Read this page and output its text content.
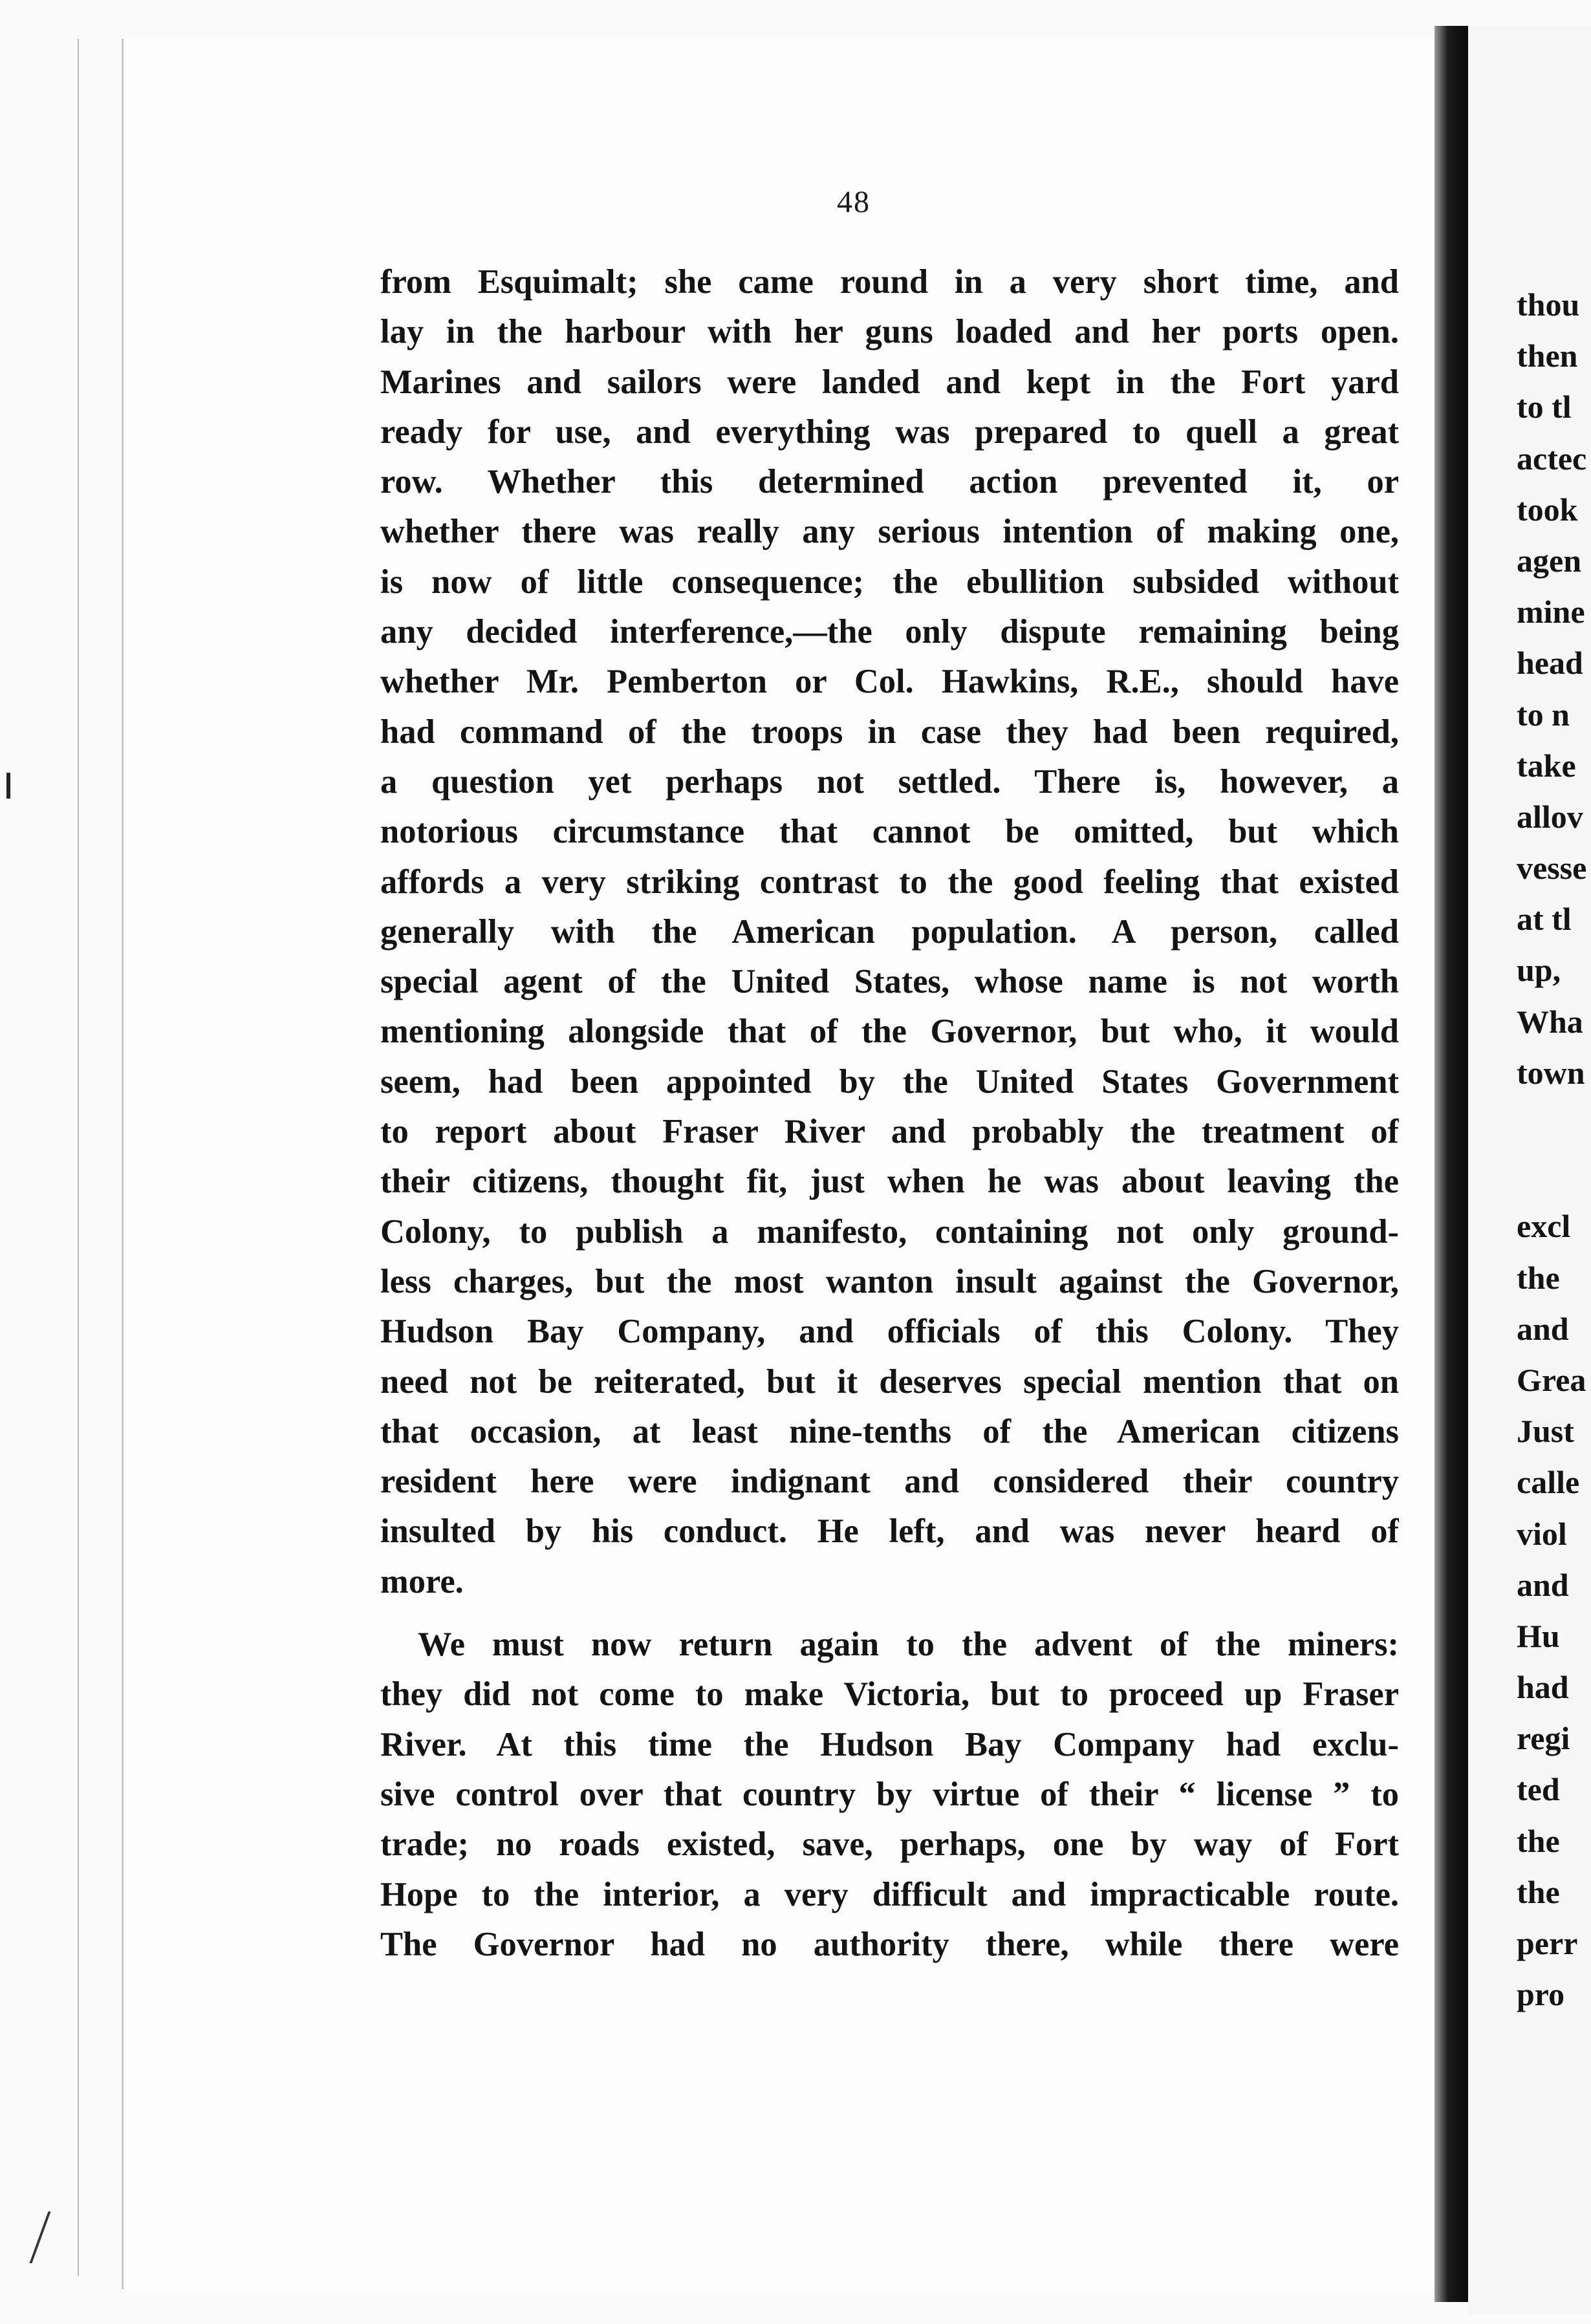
48
from Esquimalt; she came round in a very short time, and
lay in the harbour with her guns loaded and her ports open.
Marines and sailors were landed and kept in the Fort yard
ready for use, and everything was prepared to quell a great
row. Whether this determined action prevented it, or
whether there was really any serious intention of making one,
is now of little consequence; the ebullition subsided without
any decided interference,—the only dispute remaining being
whether Mr. Pemberton or Col. Hawkins, R.E., should have
had command of the troops in case they had been required,
a question yet perhaps not settled. There is, however, a
notorious circumstance that cannot be omitted, but which
affords a very striking contrast to the good feeling that existed
generally with the American population. A person, called
special agent of the United States, whose name is not worth
mentioning alongside that of the Governor, but who, it would
seem, had been appointed by the United States Government
to report about Fraser River and probably the treatment of
their citizens, thought fit, just when he was about leaving the
Colony, to publish a manifesto, containing not only ground-
less charges, but the most wanton insult against the Governor,
Hudson Bay Company, and officials of this Colony. They
need not be reiterated, but it deserves special mention that on
that occasion, at least nine-tenths of the American citizens
resident here were indignant and considered their country
insulted by his conduct. He left, and was never heard of
more.
We must now return again to the advent of the miners:
they did not come to make Victoria, but to proceed up Fraser
River. At this time the Hudson Bay Company had exclu-
sive control over that country by virtue of their “ license ” to
trade; no roads existed, save, perhaps, one by way of Fort
Hope to the interior, a very difficult and impracticable route.
The Governor had no authority there, while there were
thou
then
to tl
actec
took
agen
mine
head
to n
take
allov
vesse
at tl
up,
Wha
town
excl
the
and
Grea
Just
calle
viol
and
Hu
had
regi
ted
the
the
perr
pro
